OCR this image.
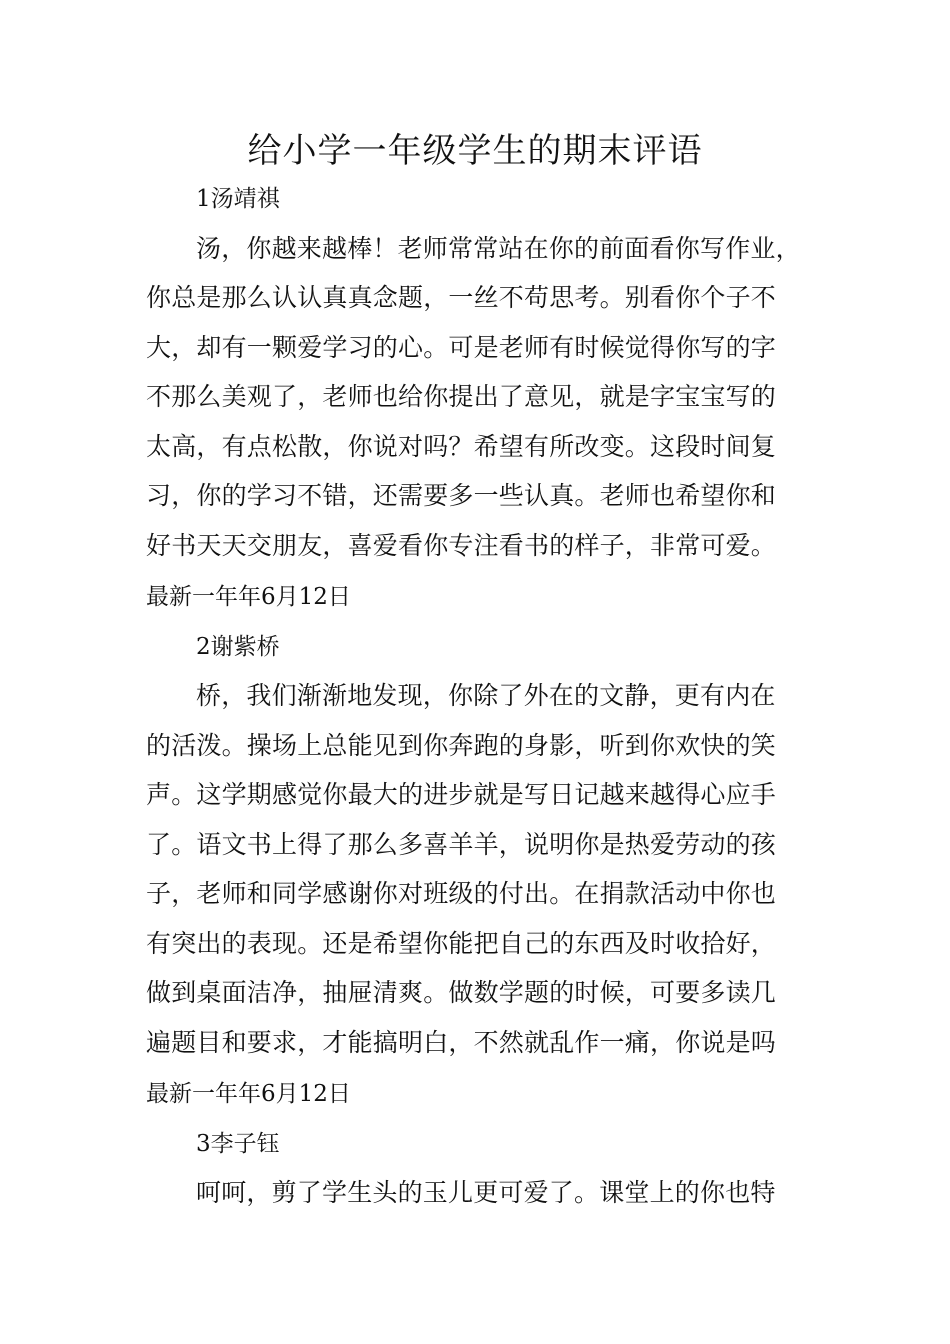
给小学一年级学生的期末评语
1汤靖祺
汤，你越来越棒！老师常常站在你的前面看你写作业，
你总是那么认认真真念题，一丝不苟思考。别看你个子不
大，却有一颗爱学习的心。可是老师有时候觉得你写的字
不那么美观了，老师也给你提出了意见，就是字宝宝写的
太高，有点松散，你说对吗？希望有所改变。这段时间复
习，你的学习不错，还需要多一些认真。老师也希望你和
好书天天交朋友，喜爱看你专注看书的样子，非常可爱。
最新一年年6月12日
2谢紫桥
桥，我们渐渐地发现，你除了外在的文静，更有内在
的活泼。操场上总能见到你奔跑的身影，听到你欢快的笑
声。这学期感觉你最大的进步就是写日记越来越得心应手
了。语文书上得了那么多喜羊羊，说明你是热爱劳动的孩
子，老师和同学感谢你对班级的付出。在捐款活动中你也
有突出的表现。还是希望你能把自己的东西及时收拾好，
做到桌面洁净，抽屉清爽。做数学题的时候，可要多读几
遍题目和要求，才能搞明白，不然就乱作一痛，你说是吗
最新一年年6月12日
3李子钰
呵呵，剪了学生头的玉儿更可爱了。课堂上的你也特
